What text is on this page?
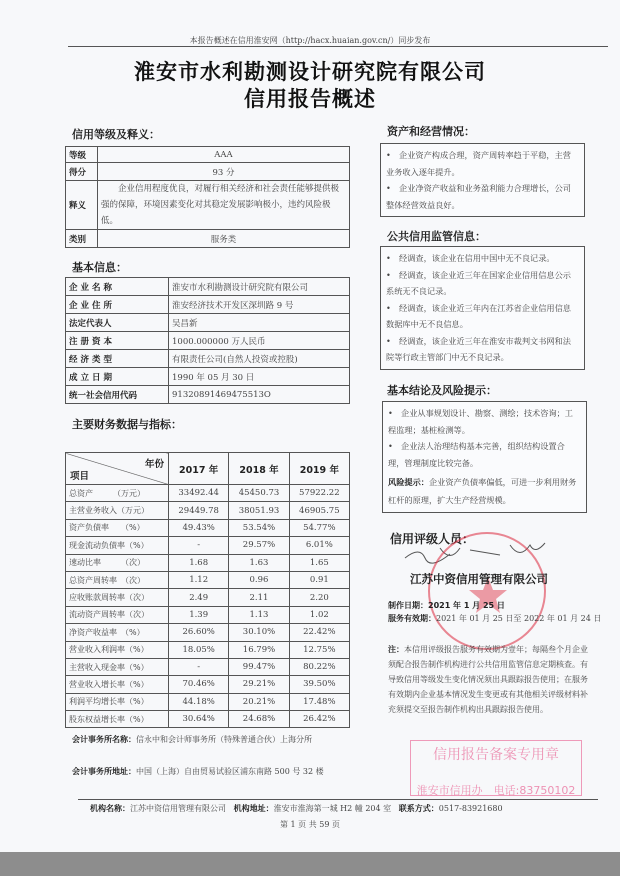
本报告概述在信用淮安网（http://hacx.huaian.gov.cn/）同步发布
淮安市水利勘测设计研究院有限公司
信用报告概述
信用等级及释义：
等级	AAA
得分	93 分
释义	企业信用程度优良，对履行相关经济和社会责任能够提供极强的保障，环境因素变化对其稳定发展影响极小，违约风险极低。
类别	服务类
基本信息：
企业名称	淮安市水利勘测设计研究院有限公司
企业住所	淮安经济技术开发区深圳路 9 号
法定代表人	吴昌新
注册资本	1000.000000 万人民币
经济类型	有限责任公司(自然人投资或控股)
成立日期	1990 年 05 月 30 日
统一社会信用代码	91320891469475513O
主要财务数据与指标：
年份
项目	2017 年	2018 年	2019 年
总资产　　　（万元）	33492.44	45450.73	57922.22
主营业务收入（万元）	29449.78	38051.93	46905.75
资产负债率　　（%）	49.43%	53.54%	54.77%
现金流动负债率（%）	-	29.57%	6.01%
速动比率　　　（次）	1.68	1.63	1.65
总资产周转率　（次）	1.12	0.96	0.91
应收账款周转率（次）	2.49	2.11	2.20
流动资产周转率（次）	1.39	1.13	1.02
净资产收益率　（%）	26.60%	30.10%	22.42%
营业收入利润率（%）	18.05%	16.79%	12.75%
主营收入现金率（%）	-	99.47%	80.22%
营业收入增长率（%）	70.46%	29.21%	39.50%
利润平均增长率（%）	44.18%	20.21%	17.48%
股东权益增长率（%）	30.64%	24.68%	26.42%
会计事务所名称：信永中和会计师事务所（特殊普通合伙）上海分所
会计事务所地址：中国（上海）自由贸易试验区浦东南路 500 号 32 楼
资产和经营情况：
•　企业资产构成合理，资产周转率趋于平稳，主营业务收入逐年提升。
•　企业净资产收益和业务盈利能力合理增长，公司整体经营效益良好。
公共信用监管信息：
•　经调查，该企业在信用中国中无不良记录。
•　经调查，该企业近三年在国家企业信用信息公示系统无不良记录。
•　经调查，该企业近三年内在江苏省企业信用信息数据库中无不良信息。
•　经调查，该企业近三年在淮安市裁判文书网和法院等行政主管部门中无不良记录。
基本结论及风险提示：
•　企业从事规划设计、勘察、测绘；技术咨询；工程监理；基桩检测等。
•　企业法人治理结构基本完善，组织结构设置合理，管理制度比较完备。
风险提示：企业资产负债率偏低，可进一步利用财务杠杆的原理，扩大生产经营规模。
信用评级人员：
江苏中资信用管理有限公司
制作日期：2021 年 1 月 25 日
服务有效期：2021 年 01 月 25 日至 2022 年 01 月 24 日
注：本信用评级报告服务有效期为壹年；每隔叁个月企业须配合报告制作机构进行公共信用监管信息定期核查。有导致信用等级发生变化情况须出具跟踪报告使用；在服务有效期内企业基本情况发生变更或有其他相关评级材料补充须提交至报告制作机构出具跟踪报告使用。
信用报告备案专用章
淮安市信用办　电话:83750102
机构名称：江苏中资信用管理有限公司 机构地址：淮安市淮海第一城 H2 幢 204 室 联系方式：0517-83921680
第 1 页 共 59 页
